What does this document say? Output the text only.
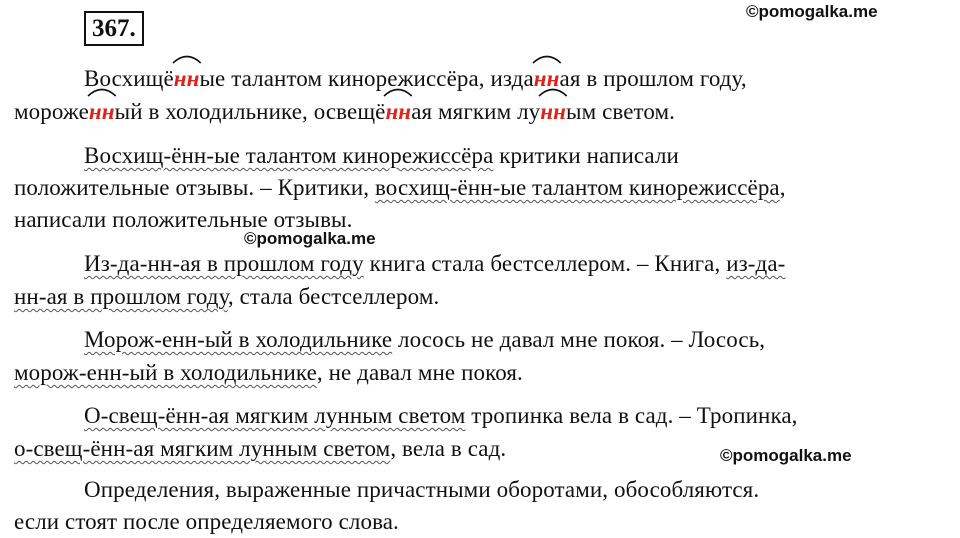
367.
©pomogalka.me
©pomogalka.me
©pomogalka.me
Восхищё
нные талантом кинорежиссёра, изда
нная в прошлом году,
мороже
нный в холодильнике, освещё
нная мягким лу
нным светом.
Восхищ-ённ-ые талантом кинорежиссёра критики написали
положительные отзывы. – Критики, восхищ-ённ-ые талантом кинорежиссёра,
написали положительные отзывы.
Из-да-нн-ая в прошлом году книга стала бестселлером. – Книга, из-да-
нн-ая в прошлом году, стала бестселлером.
Морож-енн-ый в холодильнике лосось не давал мне покоя. – Лосось,
морож-енн-ый в холодильнике, не давал мне покоя.
О-свещ-ённ-ая мягким лунным светом тропинка вела в сад. – Тропинка,
о-свещ-ённ-ая мягким лунным светом, вела в сад.
Определения, выраженные причастными оборотами, обособляются.
если стоят после определяемого слова.
